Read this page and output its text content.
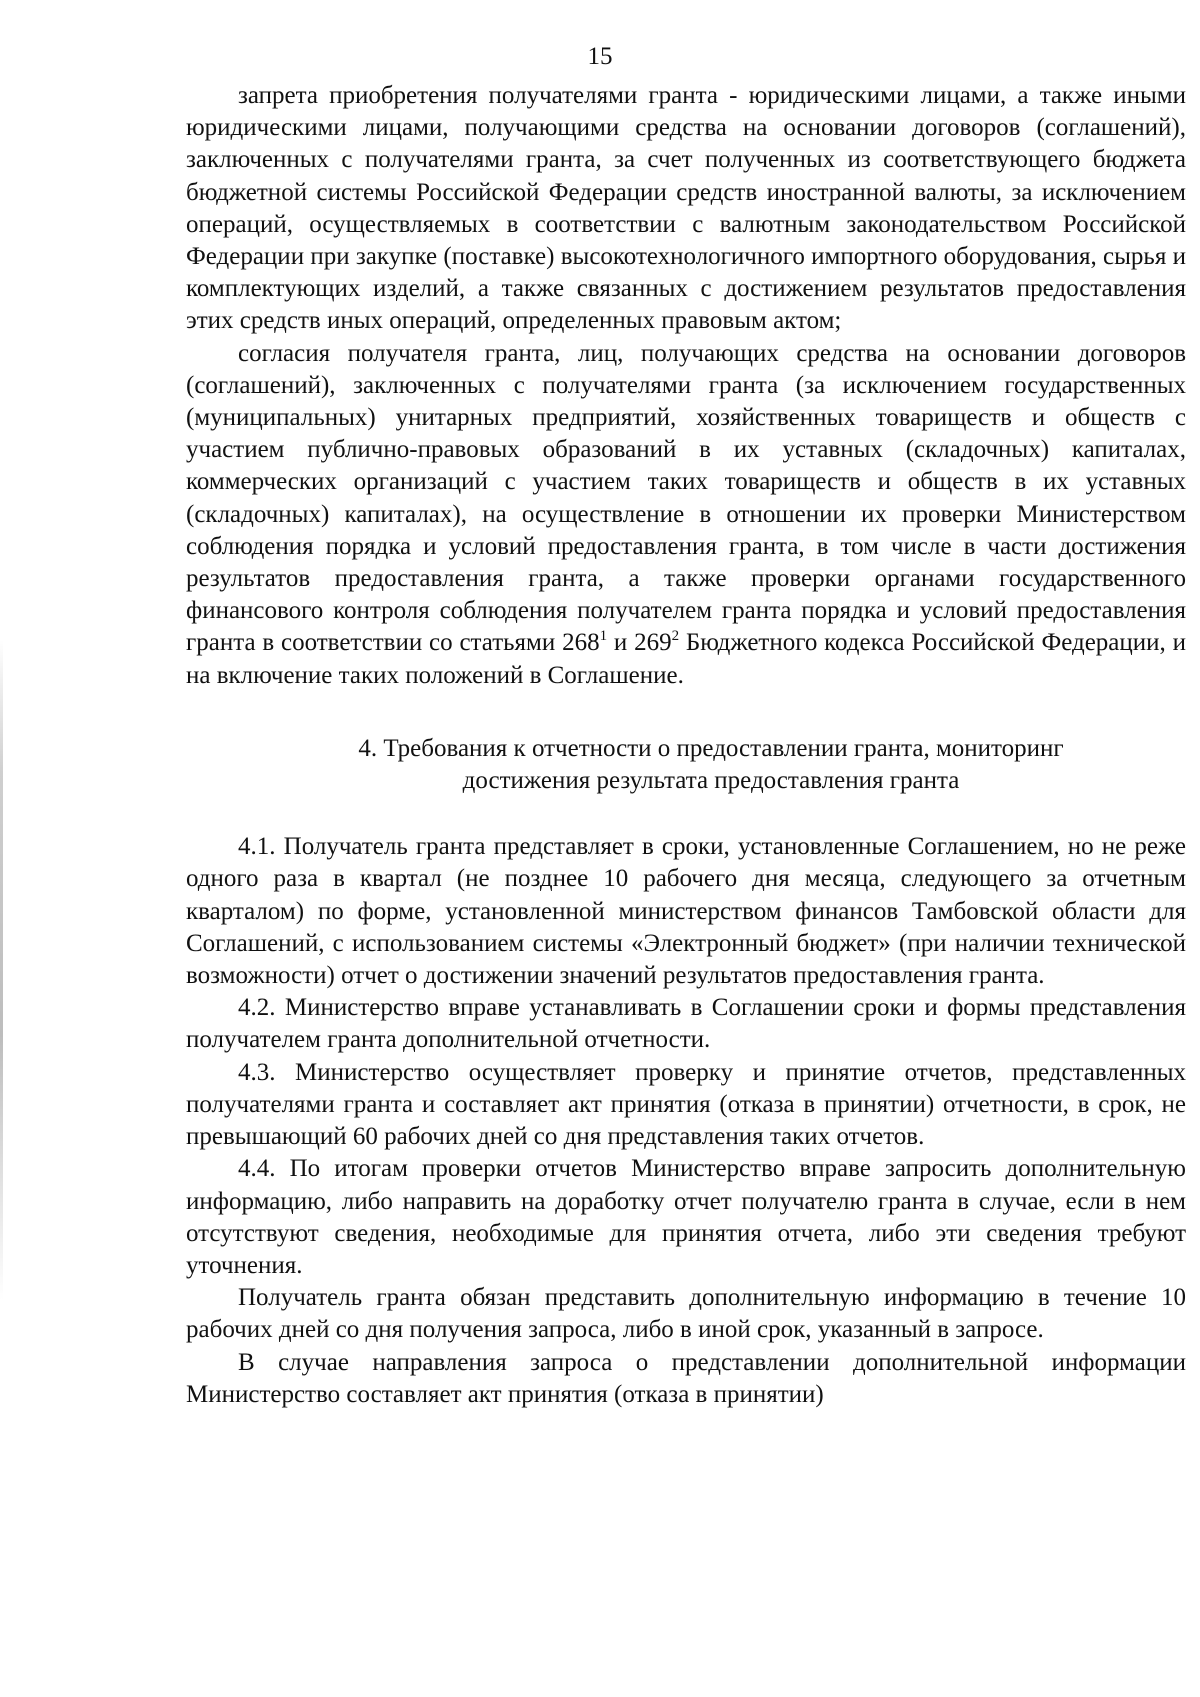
15

запрета приобретения получателями гранта - юридическими лицами, а также иными юридическими лицами, получающими средства на основании договоров (соглашений), заключенных с получателями гранта, за счет полученных из соответствующего бюджета бюджетной системы Российской Федерации средств иностранной валюты, за исключением операций, осуществляемых в соответствии с валютным законодательством Российской Федерации при закупке (поставке) высокотехнологичного импортного оборудования, сырья и комплектующих изделий, а также связанных с достижением результатов предоставления этих средств иных операций, определенных правовым актом;

согласия получателя гранта, лиц, получающих средства на основании договоров (соглашений), заключенных с получателями гранта (за исключением государственных (муниципальных) унитарных предприятий, хозяйственных товариществ и обществ с участием публично-правовых образований в их уставных (складочных) капиталах, коммерческих организаций с участием таких товариществ и обществ в их уставных (складочных) капиталах), на осуществление в отношении их проверки Министерством соблюдения порядка и условий предоставления гранта, в том числе в части достижения результатов предоставления гранта, а также проверки органами государственного финансового контроля соблюдения получателем гранта порядка и условий предоставления гранта в соответствии со статьями $268^1$ и $269^2$ Бюджетного кодекса Российской Федерации, и на включение таких положений в Соглашение.

4. Требования к отчетности о предоставлении гранта, мониторинг
достижения результата предоставления гранта

4.1. Получатель гранта представляет в сроки, установленные Соглашением, но не реже одного раза в квартал (не позднее 10 рабочего дня месяца, следующего за отчетным кварталом) по форме, установленной министерством финансов Тамбовской области для Соглашений, с использованием системы «Электронный бюджет» (при наличии технической возможности) отчет о достижении значений результатов предоставления гранта.

4.2. Министерство вправе устанавливать в Соглашении сроки и формы представления получателем гранта дополнительной отчетности.

4.3. Министерство осуществляет проверку и принятие отчетов, представленных получателями гранта и составляет акт принятия (отказа в принятии) отчетности, в срок, не превышающий 60 рабочих дней со дня представления таких отчетов.

4.4. По итогам проверки отчетов Министерство вправе запросить дополнительную информацию, либо направить на доработку отчет получателю гранта в случае, если в нем отсутствуют сведения, необходимые для принятия отчета, либо эти сведения требуют уточнения.

Получатель гранта обязан представить дополнительную информацию в течение 10 рабочих дней со дня получения запроса, либо в иной срок, указанный в запросе.

В случае направления запроса о представлении дополнительной информации Министерство составляет акт принятия (отказа в принятии)
